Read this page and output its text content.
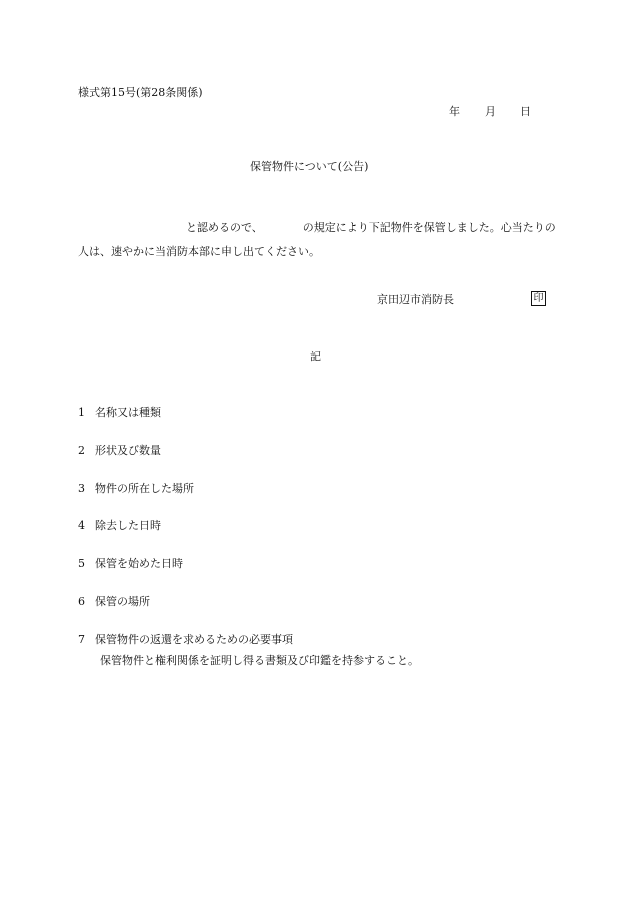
様式第15号(第28条関係)
年 月 日
保管物件について(公告)
と認めるので、	の規定により下記物件を保管しました。心当たりの人は、速やかに当消防本部に申し出てください。
京田辺市消防長	印
記
1 名称又は種類
2 形状及び数量
3 物件の所在した場所
4 除去した日時
5 保管を始めた日時
6 保管の場所
7 保管物件の返還を求めるための必要事項
保管物件と権利関係を証明し得る書類及び印鑑を持参すること。
